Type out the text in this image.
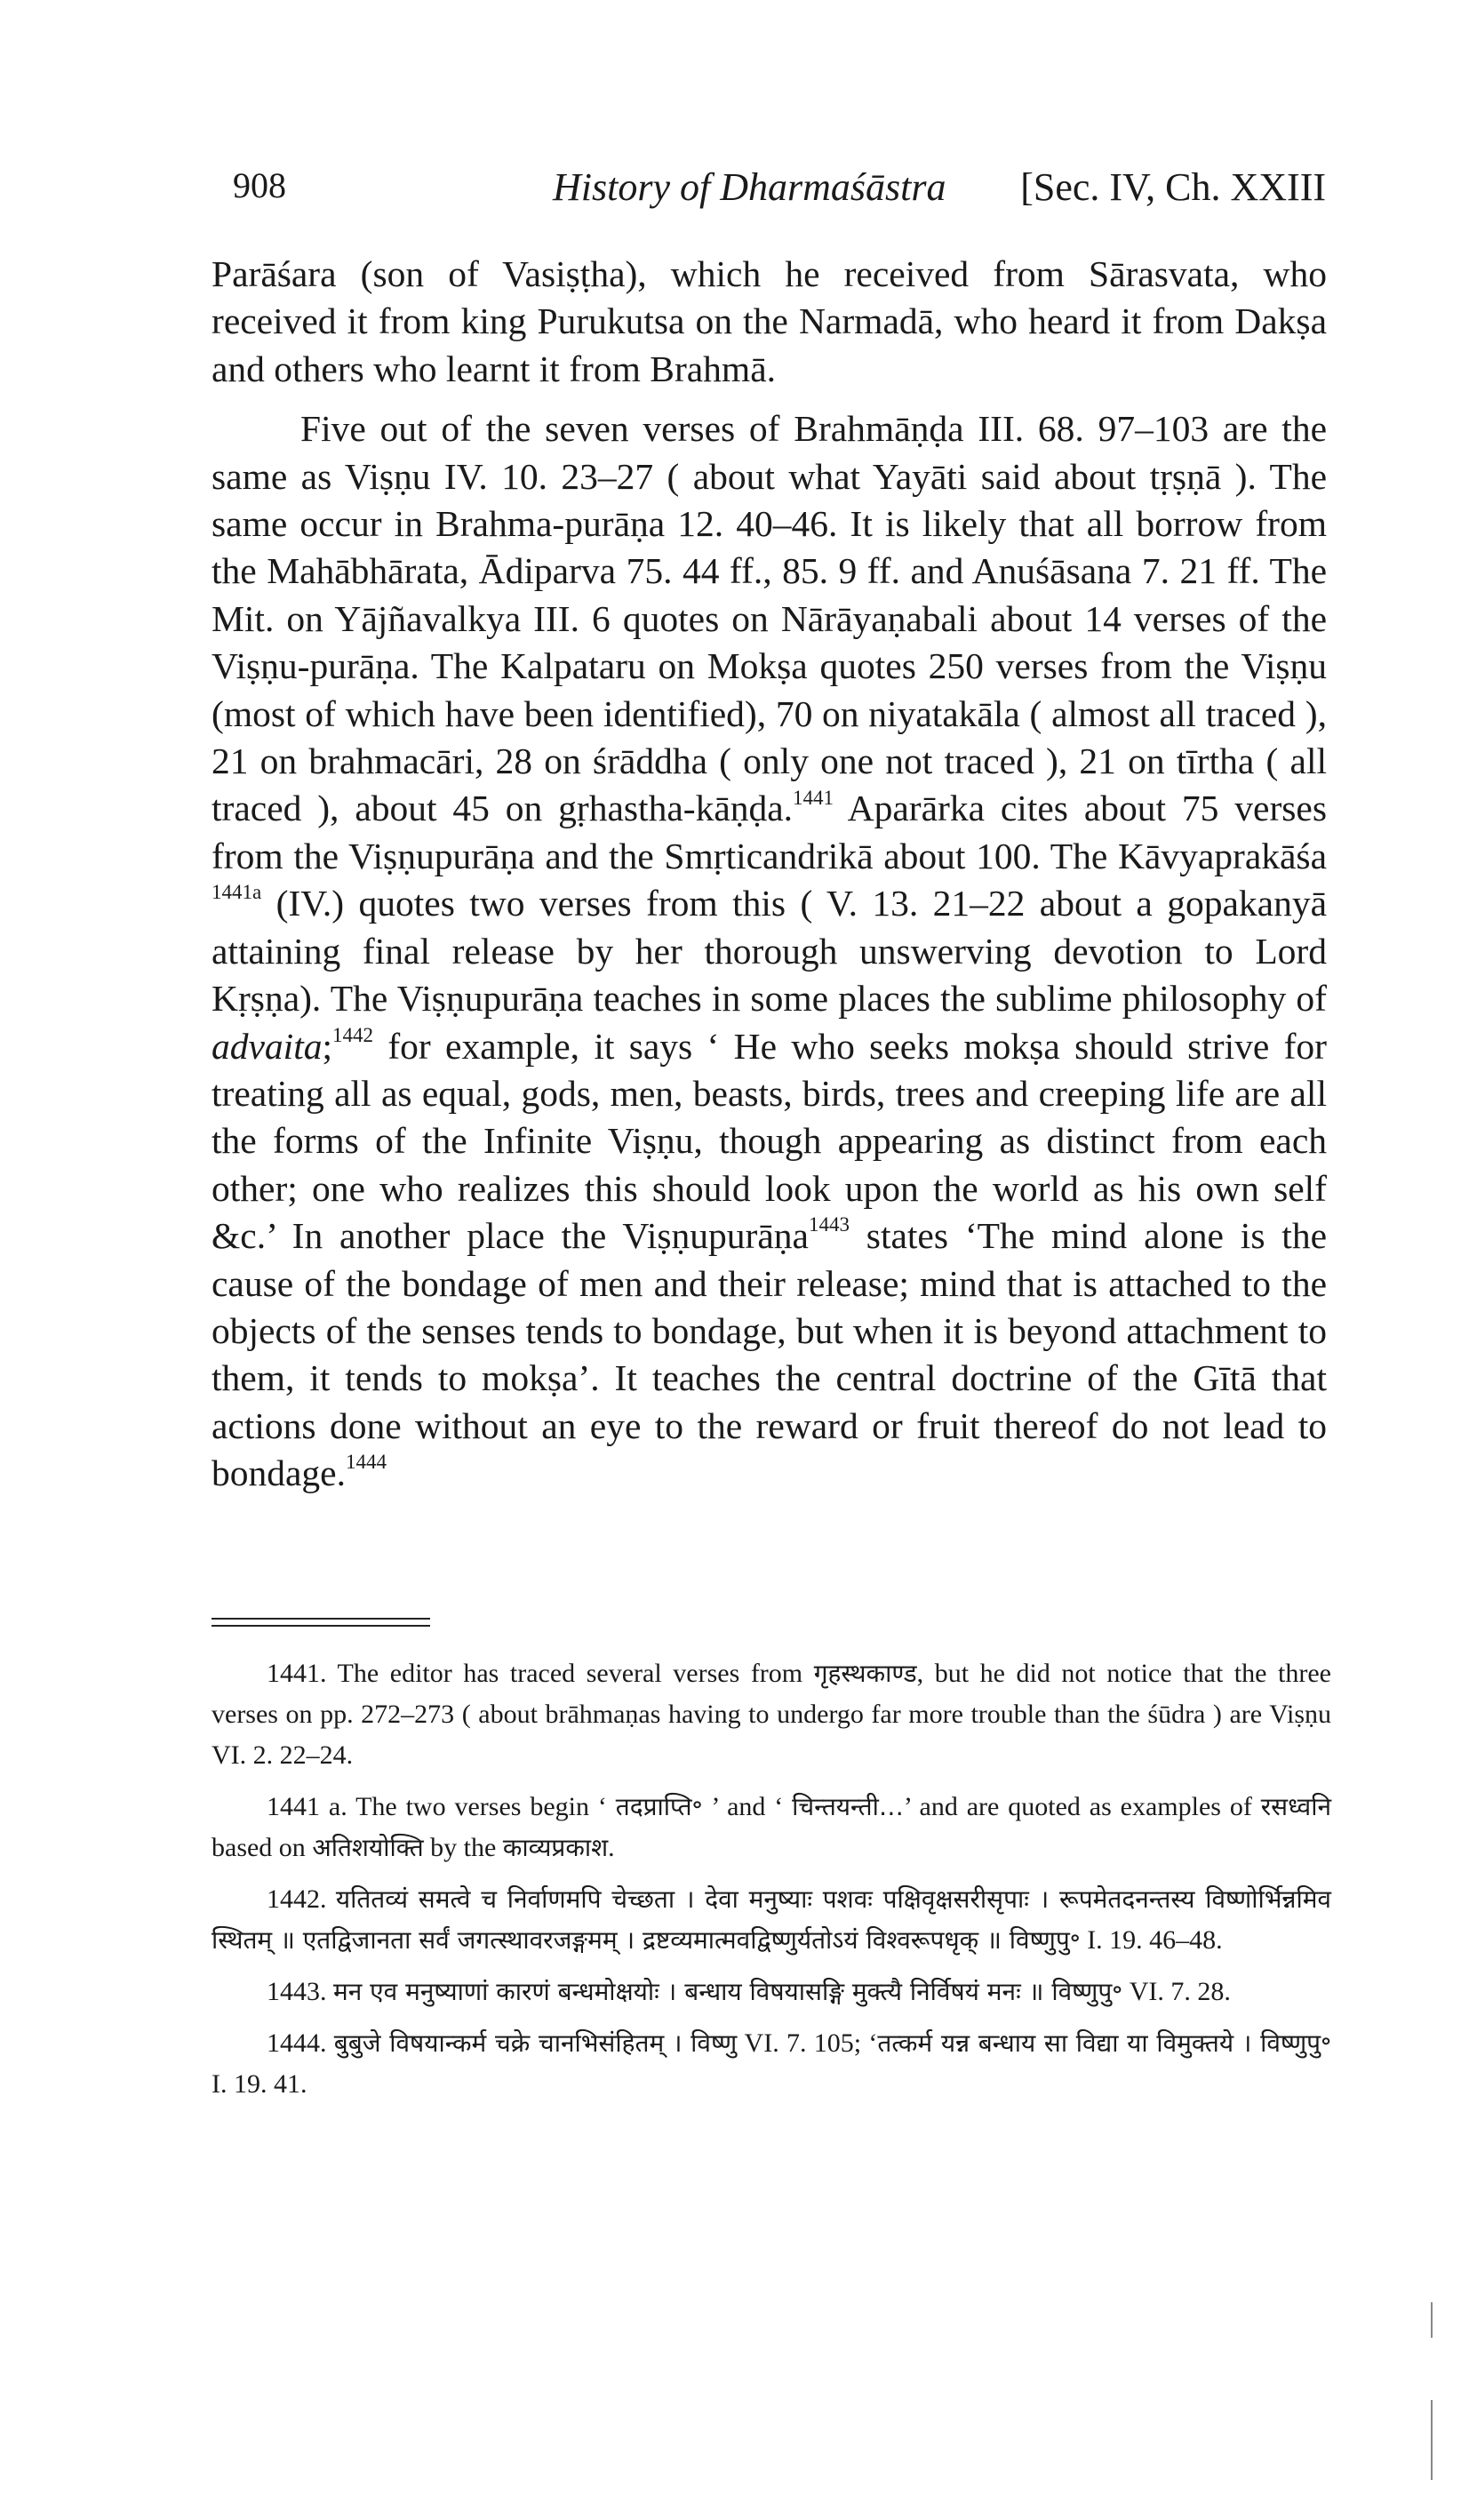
908	History of Dharmaśāstra [Sec. IV, Ch. XXIII

Parāśara (son of Vasiṣṭha), which he received from Sārasvata, who received it from king Purukutsa on the Narmadā, who heard it from Dakṣa and others who learnt it from Brahmā.

Five out of the seven verses of Brahmāṇḍa III. 68. 97–103 are the same as Viṣṇu IV. 10. 23–27 ( about what Yayāti said about tṛṣṇā ). The same occur in Brahma-purāṇa 12. 40–46. It is likely that all borrow from the Mahābhārata, Ādiparva 75. 44 ff., 85. 9 ff. and Anuśāsana 7. 21 ff. The Mit. on Yājñavalkya III. 6 quotes on Nārāyaṇabali about 14 verses of the Viṣṇu-purāṇa. The Kalpataru on Mokṣa quotes 250 verses from the Viṣṇu (most of which have been identified), 70 on niyatakāla ( almost all traced ), 21 on brahmacāri, 28 on śrāddha ( only one not traced ), 21 on tīrtha ( all traced ), about 45 on gṛhastha-kāṇḍa.$^{1441}$ Aparārka cites about 75 verses from the Viṣṇupurāṇa and the Smṛticandrikā about 100. The Kāvyaprakāśa $^{1441a}$ (IV.) quotes two verses from this ( V. 13. 21–22 about a gopakanyā attaining final release by her thorough unswerving devotion to Lord Kṛṣṇa). The Viṣṇupurāṇa teaches in some places the sublime philosophy of advaita;$^{1442}$ for example, it says ‘ He who seeks mokṣa should strive for treating all as equal, gods, men, beasts, birds, trees and creeping life are all the forms of the Infinite Viṣṇu, though appearing as distinct from each other; one who realizes this should look upon the world as his own self &c.’ In another place the Viṣṇupurāṇa$^{1443}$ states ‘The mind alone is the cause of the bondage of men and their release; mind that is attached to the objects of the senses tends to bondage, but when it is beyond attachment to them, it tends to mokṣa’. It teaches the central doctrine of the Gītā that actions done without an eye to the reward or fruit thereof do not lead to bondage.$^{1444}$

1441. The editor has traced several verses from गृहस्थकाण्ड, but he did not notice that the three verses on pp. 272–273 ( about brāhmaṇas having to undergo far more trouble than the śūdra ) are Viṣṇu VI. 2. 22–24.

1441 a. The two verses begin ‘ तदप्राप्ति॰ ’ and ‘ चिन्तयन्ती…’ and are quoted as examples of रसध्वनि based on अतिशयोक्ति by the काव्यप्रकाश.

1442. यतितव्यं समत्वे च निर्वाणमपि चेच्छता । देवा मनुष्याः पशवः पक्षिवृक्षसरीसृपाः । रूपमेतदनन्तस्य विष्णोर्भिन्नमिव स्थितम् ॥ एतद्विजानता सर्वं जगत्स्थावरजङ्गमम् । द्रष्टव्यमात्मवद्विष्णुर्यतोऽयं विश्वरूपधृक् ॥ विष्णुपु॰ I. 19. 46–48.

1443. मन एव मनुष्याणां कारणं बन्धमोक्षयोः । बन्धाय विषयासङ्गि मुक्त्यै निर्विषयं मनः ॥ विष्णुपु॰ VI. 7. 28.

1444. बुबुजे विषयान्कर्म चक्रे चानभिसंहितम् । विष्णु VI. 7. 105; ‘तत्कर्म यन्न बन्धाय सा विद्या या विमुक्तये । विष्णुपु॰ I. 19. 41.
